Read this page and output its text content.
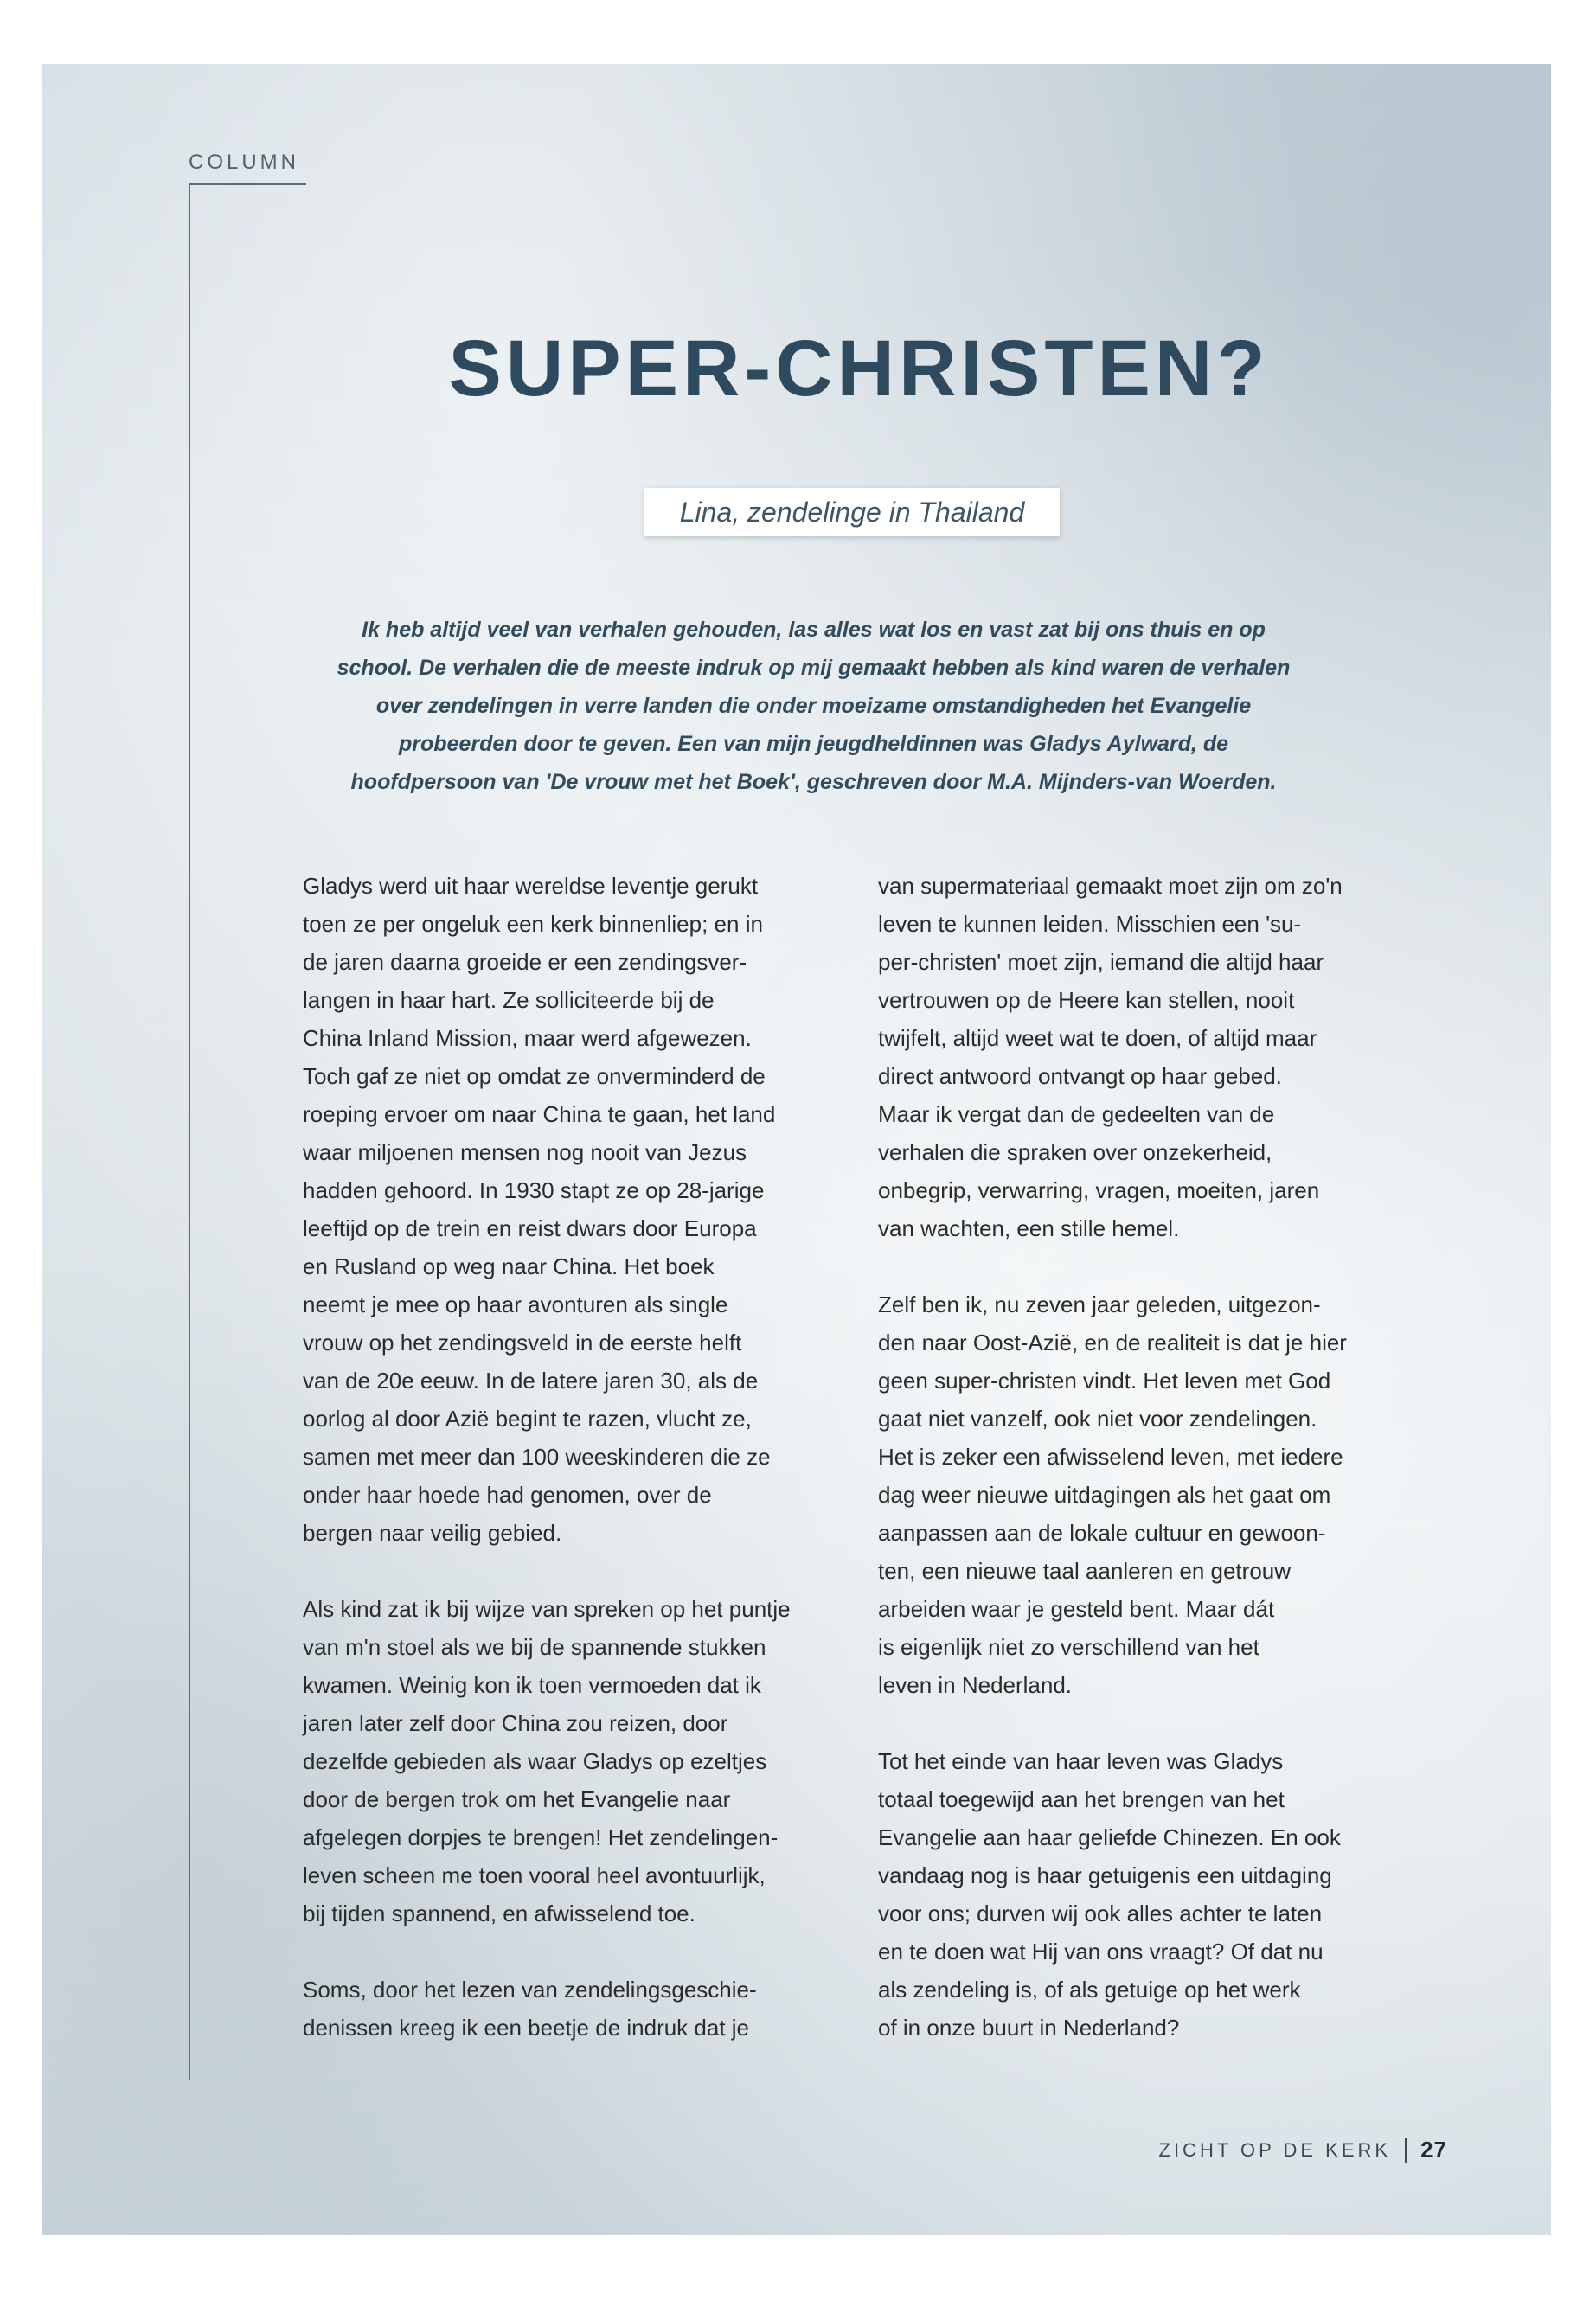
COLUMN
SUPER-CHRISTEN?
Lina, zendelinge in Thailand

Ik heb altijd veel van verhalen gehouden, las alles wat los en vast zat bij ons thuis en op school. De verhalen die de meeste indruk op mij gemaakt hebben als kind waren de verhalen over zendelingen in verre landen die onder moeizame omstandigheden het Evangelie probeerden door te geven. Een van mijn jeugdheldinnen was Gladys Aylward, de hoofdpersoon van 'De vrouw met het Boek', geschreven door M.A. Mijnders-van Woerden.

Gladys werd uit haar wereldse leventje gerukt
toen ze per ongeluk een kerk binnenliep; en in
de jaren daarna groeide er een zendingsver-
langen in haar hart. Ze solliciteerde bij de
China Inland Mission, maar werd afgewezen.
Toch gaf ze niet op omdat ze onverminderd de
roeping ervoer om naar China te gaan, het land
waar miljoenen mensen nog nooit van Jezus
hadden gehoord. In 1930 stapt ze op 28-jarige
leeftijd op de trein en reist dwars door Europa
en Rusland op weg naar China. Het boek
neemt je mee op haar avonturen als single
vrouw op het zendingsveld in de eerste helft
van de 20e eeuw. In de latere jaren 30, als de
oorlog al door Azië begint te razen, vlucht ze,
samen met meer dan 100 weeskinderen die ze
onder haar hoede had genomen, over de
bergen naar veilig gebied.

Als kind zat ik bij wijze van spreken op het puntje
van m'n stoel als we bij de spannende stukken
kwamen. Weinig kon ik toen vermoeden dat ik
jaren later zelf door China zou reizen, door
dezelfde gebieden als waar Gladys op ezeltjes
door de bergen trok om het Evangelie naar
afgelegen dorpjes te brengen! Het zendelingen-
leven scheen me toen vooral heel avontuurlijk,
bij tijden spannend, en afwisselend toe.

Soms, door het lezen van zendelingsgeschie-
denissen kreeg ik een beetje de indruk dat je

van supermateriaal gemaakt moet zijn om zo'n
leven te kunnen leiden. Misschien een 'su-
per-christen' moet zijn, iemand die altijd haar
vertrouwen op de Heere kan stellen, nooit
twijfelt, altijd weet wat te doen, of altijd maar
direct antwoord ontvangt op haar gebed.
Maar ik vergat dan de gedeelten van de
verhalen die spraken over onzekerheid,
onbegrip, verwarring, vragen, moeiten, jaren
van wachten, een stille hemel.

Zelf ben ik, nu zeven jaar geleden, uitgezon-
den naar Oost-Azië, en de realiteit is dat je hier
geen super-christen vindt. Het leven met God
gaat niet vanzelf, ook niet voor zendelingen.
Het is zeker een afwisselend leven, met iedere
dag weer nieuwe uitdagingen als het gaat om
aanpassen aan de lokale cultuur en gewoon-
ten, een nieuwe taal aanleren en getrouw
arbeiden waar je gesteld bent. Maar dát
is eigenlijk niet zo verschillend van het
leven in Nederland.

Tot het einde van haar leven was Gladys
totaal toegewijd aan het brengen van het
Evangelie aan haar geliefde Chinezen. En ook
vandaag nog is haar getuigenis een uitdaging
voor ons; durven wij ook alles achter te laten
en te doen wat Hij van ons vraagt? Of dat nu
als zendeling is, of als getuige op het werk
of in onze buurt in Nederland?

ZICHT OP DE KERK 27
